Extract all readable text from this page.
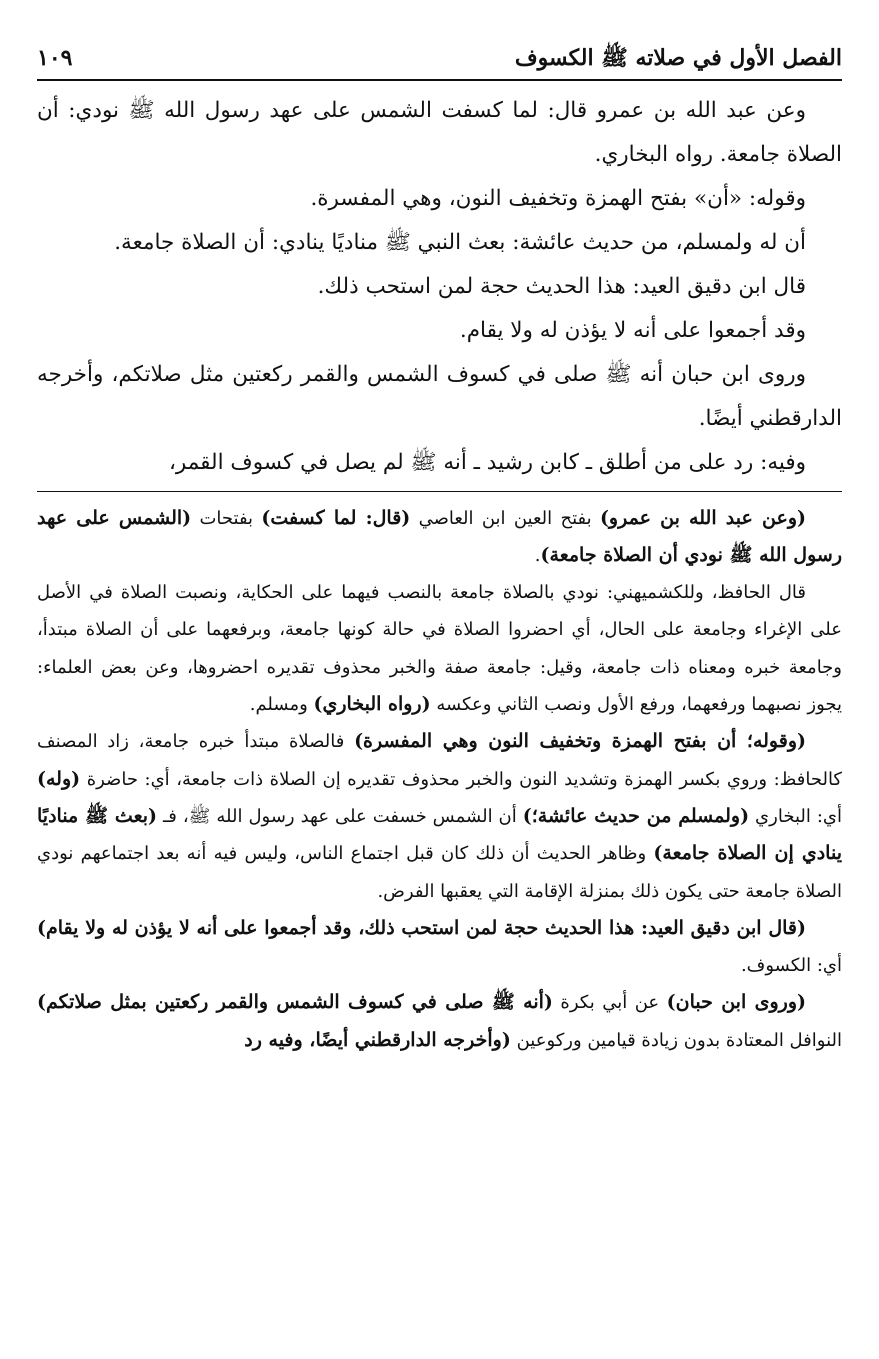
الفصل الأول في صلاته ﷺ الكسوف
١٠٩

وعن عبد الله بن عمرو قال: لما كسفت الشمس على عهد رسول الله ﷺ نودي: أن الصلاة جامعة. رواه البخاري.

وقوله: «أن» بفتح الهمزة وتخفيف النون، وهي المفسرة.

أن له ولمسلم، من حديث عائشة: بعث النبي ﷺ مناديًا ينادي: أن الصلاة جامعة.

قال ابن دقيق العيد: هذا الحديث حجة لمن استحب ذلك.

وقد أجمعوا على أنه لا يؤذن له ولا يقام.

وروى ابن حبان أنه ﷺ صلى في كسوف الشمس والقمر ركعتين مثل صلاتكم، وأخرجه الدارقطني أيضًا.

وفيه: رد على من أطلق ـ كابن رشيد ـ أنه ﷺ لم يصل في كسوف القمر،

(وعن عبد الله بن عمرو) بفتح العين ابن العاصي (قال: لما كسفت) بفتحات (الشمس على عهد رسول الله ﷺ نودي أن الصلاة جامعة).

قال الحافظ، وللكشميهني: نودي بالصلاة جامعة بالنصب فيهما على الحكاية، ونصبت الصلاة في الأصل على الإغراء وجامعة على الحال، أي احضروا الصلاة في حالة كونها جامعة، وبرفعهما على أن الصلاة مبتدأ، وجامعة خبره ومعناه ذات جامعة، وقيل: جامعة صفة والخبر محذوف تقديره احضروها، وعن بعض العلماء: يجوز نصبهما ورفعهما، ورفع الأول ونصب الثاني وعكسه (رواه البخاري) ومسلم.

(وقوله؛ أن بفتح الهمزة وتخفيف النون وهي المفسرة) فالصلاة مبتدأ خبره جامعة، زاد المصنف كالحافظ: وروي بكسر الهمزة وتشديد النون والخبر محذوف تقديره إن الصلاة ذات جامعة، أي: حاضرة (وله) أي: البخاري (ولمسلم من حديث عائشة؛) أن الشمس خسفت على عهد رسول الله ﷺ، فـ (بعث ﷺ مناديًا ينادي إن الصلاة جامعة) وظاهر الحديث أن ذلك كان قبل اجتماع الناس، وليس فيه أنه بعد اجتماعهم نودي الصلاة جامعة حتى يكون ذلك بمنزلة الإقامة التي يعقبها الفرض.

(قال ابن دقيق العيد: هذا الحديث حجة لمن استحب ذلك، وقد أجمعوا على أنه لا يؤذن له ولا يقام) أي: الكسوف.

(وروى ابن حبان) عن أبي بكرة (أنه ﷺ صلى في كسوف الشمس والقمر ركعتين بمثل صلاتكم) النوافل المعتادة بدون زيادة قيامين وركوعين (وأخرجه الدارقطني أيضًا، وفيه رد
